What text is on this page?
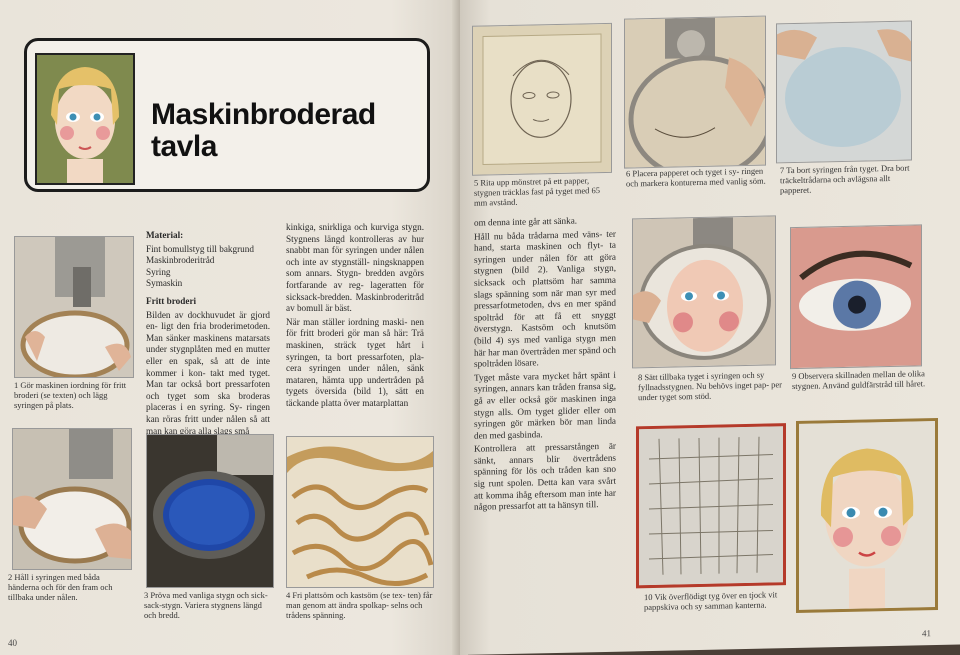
Maskinbroderad
tavla
1 Gör maskinen iordning för fritt broderi (se texten) och lägg syringen på plats.

Material:

Fint bomullstyg till bakgrund
Maskinbroderitråd
Syring
Symaskin

Fritt broderi

Bilden av dockhuvudet är gjord en- ligt den fria broderimetoden. Man sänker maskinens matarsats under stygnplåten med en mutter eller en spak, så att de inte kommer i kon- takt med tyget. Man tar också bort pressarfoten och tyget som ska broderas placeras i en syring. Sy- ringen kan röras fritt under nålen så att man kan göra alla slags små

kinkiga, snirkliga och kurviga stygn. Stygnens längd kontrolleras av hur snabbt man för syringen under nålen och inte av stygnställ- ningsknappen som annars. Stygn- bredden avgörs fortfarande av reg- lageratten för sicksack-bredden. Maskinbroderitråd av bomull är bäst.

När man ställer iordning maski- nen för fritt broderi gör man så här: Trä maskinen, sträck tyget hårt i syringen, ta bort pressarfoten, pla- cera syringen under nålen, sänk mataren, hämta upp undertråden på tygets översida (bild 1), sätt en täckande platta över matarplattan

2 Håll i syringen med båda händerna och för den fram och tillbaka under nålen.	3 Pröva med vanliga stygn och sick- sack-stygn. Variera stygnens längd och bredd.
4 Fri plattsöm och kastsöm (se tex- ten) får man genom att ändra spolkap- selns och trådens spänning.
40
5 Rita upp mönstret på ett papper, stygnen träcklas fast på tyget med 65 mm avstånd.
6 Placera papperet och tyget i sy- ringen och markera konturerna med vanlig söm.
7 Ta bort syringen från tyget. Dra bort träckeltrådarna och avlägsna allt papperet.

om denna inte går att sänka.

Håll nu båda trådarna med väns- ter hand, starta maskinen och flyt- ta syringen under nålen för att göra stygnen (bild 2). Vanliga stygn, sicksack och plattsöm har samma slags spänning som när man syr med pressarfotmetoden, dvs en mer spänd spoltråd för att få ett snyggt överstygn. Kastsöm och knutsöm (bild 4) sys med vanliga stygn men här har man övertråden mer spänd och spoltråden lösare.

Tyget måste vara mycket hårt spänt i syringen, annars kan tråden fransa sig, gå av eller också gör maskinen inga stygn alls. Om tyget glider eller om syringen gör märken bör man linda den med gasbinda.

Kontrollera att pressarstången är sänkt, annars blir övertrådens spänning för lös och tråden kan sno sig runt spolen. Detta kan vara svårt att komma ihåg eftersom man inte har någon pressarfot att ta hänsyn till.

8 Sätt tillbaka tyget i syringen och sy fyllnadsstygnen. Nu behövs inget pap- per under tyget som stöd.
9 Observera skillnaden mellan de olika stygnen. Använd guldfärstråd till håret.
10 Vik överflödigt tyg över en tjock vit pappskiva och sy samman kanterna.
41
